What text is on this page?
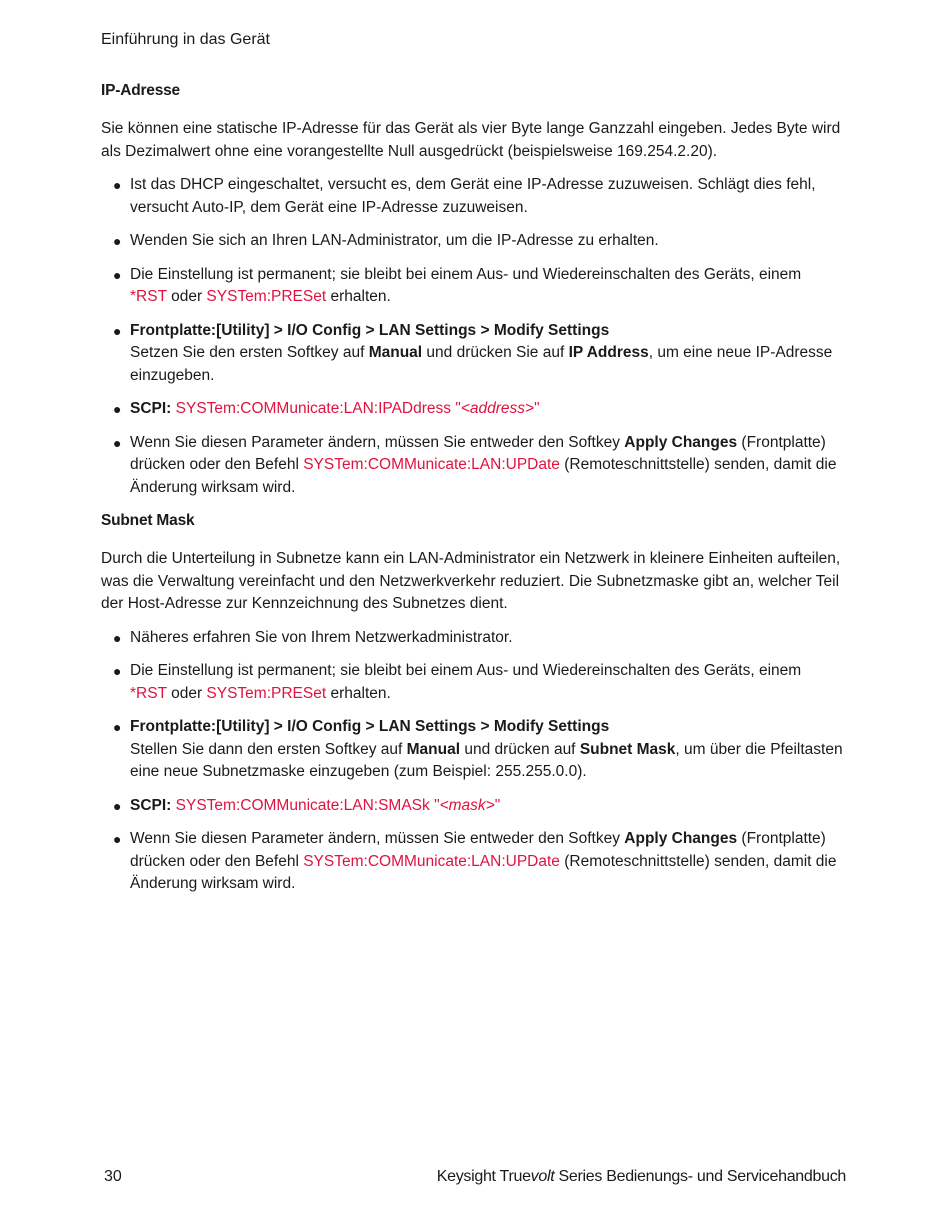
Einführung in das Gerät
IP-Adresse

Sie können eine statische IP-Adresse für das Gerät als vier Byte lange Ganzzahl eingeben. Jedes Byte wird als Dezimalwert ohne eine vorangestellte Null ausgedrückt (beispielsweise 169.254.2.20).

● Ist das DHCP eingeschaltet, versucht es, dem Gerät eine IP-Adresse zuzuweisen. Schlägt dies fehl, versucht Auto-IP, dem Gerät eine IP-Adresse zuzuweisen.
● Wenden Sie sich an Ihren LAN-Administrator, um die IP-Adresse zu erhalten.
● Die Einstellung ist permanent; sie bleibt bei einem Aus- und Wiedereinschalten des Geräts, einem
*RST oder SYSTem:PRESet erhalten.
● Frontplatte:[Utility] > I/O Config > LAN Settings > Modify Settings
Setzen Sie den ersten Softkey auf Manual und drücken Sie auf IP Address, um eine neue IP-Adresse einzugeben.
● SCPI: SYSTem:COMMunicate:LAN:IPADdress "<address>"
● Wenn Sie diesen Parameter ändern, müssen Sie entweder den Softkey Apply Changes (Frontplatte) drücken oder den Befehl SYSTem:COMMunicate:LAN:UPDate (Remoteschnittstelle) senden, damit die Änderung wirksam wird.
Subnet Mask

Durch die Unterteilung in Subnetze kann ein LAN-Administrator ein Netzwerk in kleinere Einheiten aufteilen, was die Verwaltung vereinfacht und den Netzwerkverkehr reduziert. Die Subnetzmaske gibt an, welcher Teil der Host-Adresse zur Kennzeichnung des Subnetzes dient.

● Näheres erfahren Sie von Ihrem Netzwerkadministrator.
● Die Einstellung ist permanent; sie bleibt bei einem Aus- und Wiedereinschalten des Geräts, einem
*RST oder SYSTem:PRESet erhalten.
● Frontplatte:[Utility] > I/O Config > LAN Settings > Modify Settings
Stellen Sie dann den ersten Softkey auf Manual und drücken auf Subnet Mask, um über die Pfeiltasten eine neue Subnetzmaske einzugeben (zum Beispiel: 255.255.0.0).
● SCPI: SYSTem:COMMunicate:LAN:SMASk "<mask>"
● Wenn Sie diesen Parameter ändern, müssen Sie entweder den Softkey Apply Changes (Frontplatte) drücken oder den Befehl SYSTem:COMMunicate:LAN:UPDate (Remoteschnittstelle) senden, damit die Änderung wirksam wird.
30	Keysight Truevolt Series Bedienungs- und Servicehandbuch
